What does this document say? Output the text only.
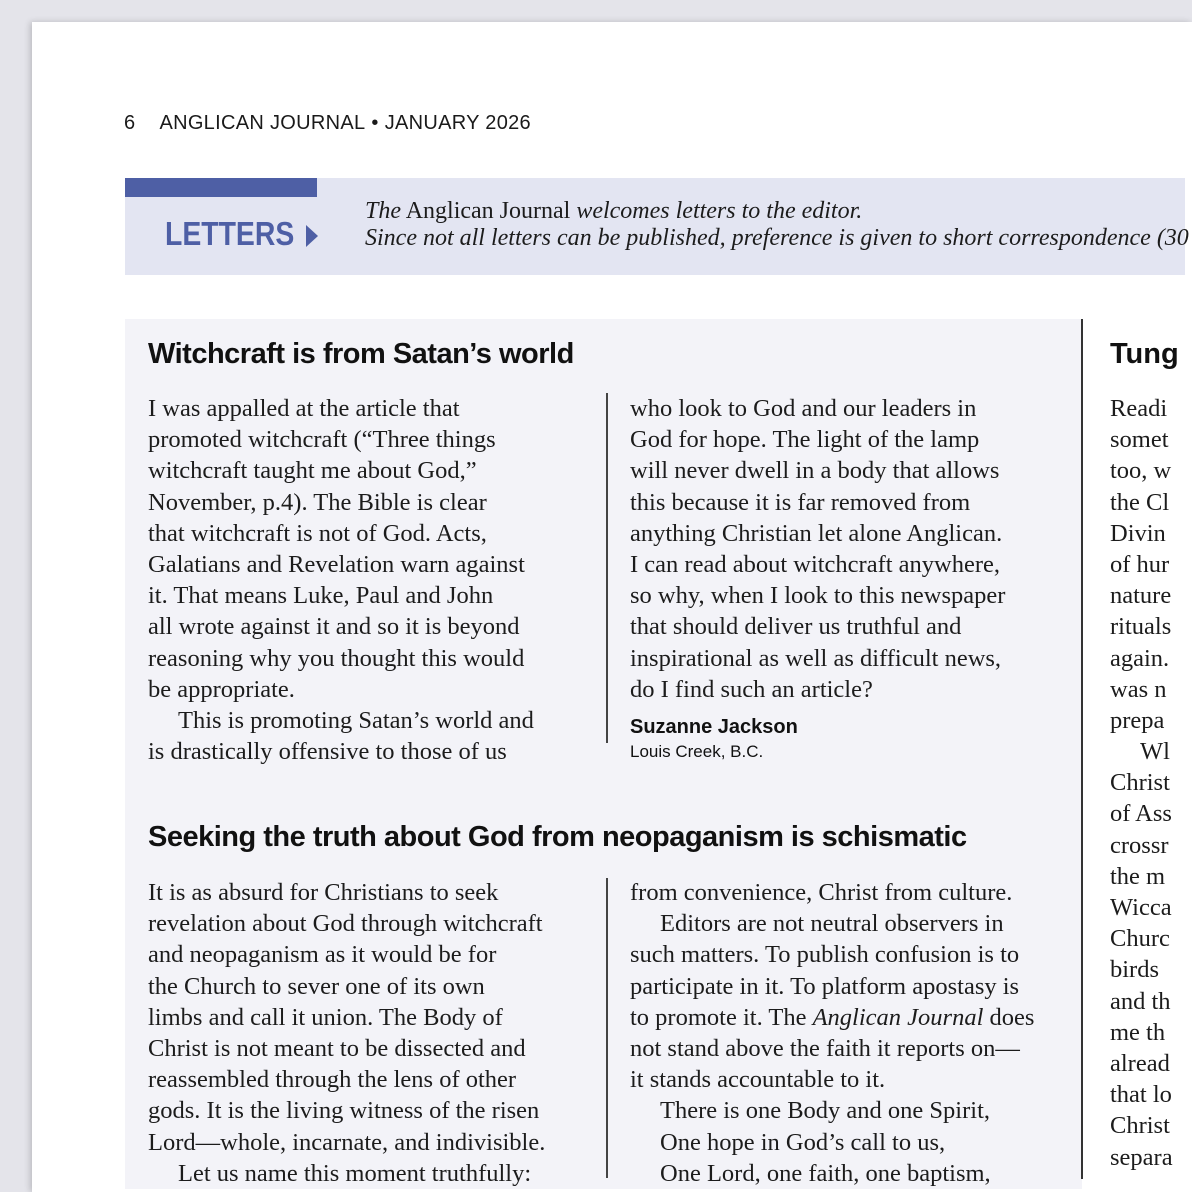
6 ANGLICAN JOURNAL • JANUARY 2026
LETTERS
The Anglican Journal welcomes letters to the editor.
Since not all letters can be published, preference is given to short correspondence (30
Witchcraft is from Satan’s world
I was appalled at the article that
promoted witchcraft (“Three things
witchcraft taught me about God,”
November, p.4). The Bible is clear
that witchcraft is not of God. Acts,
Galatians and Revelation warn against
it. That means Luke, Paul and John
all wrote against it and so it is beyond
reasoning why you thought this would
be appropriate.
This is promoting Satan’s world and
is drastically offensive to those of us
who look to God and our leaders in
God for hope. The light of the lamp
will never dwell in a body that allows
this because it is far removed from
anything Christian let alone Anglican.
I can read about witchcraft anywhere,
so why, when I look to this newspaper
that should deliver us truthful and
inspirational as well as difficult news,
do I find such an article?
Suzanne Jackson
Louis Creek, B.C.
Seeking the truth about God from neopaganism is schismatic
It is as absurd for Christians to seek
revelation about God through witchcraft
and neopaganism as it would be for
the Church to sever one of its own
limbs and call it union. The Body of
Christ is not meant to be dissected and
reassembled through the lens of other
gods. It is the living witness of the risen
Lord—whole, incarnate, and indivisible.
Let us name this moment truthfully:
from convenience, Christ from culture.
Editors are not neutral observers in
such matters. To publish confusion is to
participate in it. To platform apostasy is
to promote it. The Anglican Journal does
not stand above the faith it reports on—
it stands accountable to it.
There is one Body and one Spirit,
One hope in God’s call to us,
One Lord, one faith, one baptism,
Tung
Readi
somet
too, w
the Cl
Divin
of hur
nature
rituals
again.
was n
prepa
Wl
Christ
of Ass
crossr
the m
Wicca
Churc
birds
and th
me th
alread
that lo
Christ
separa
